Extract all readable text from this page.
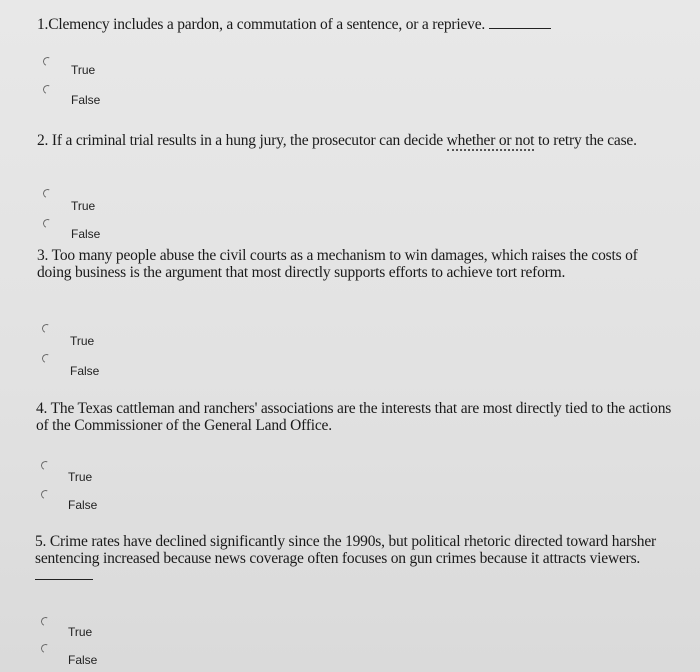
1.Clemency includes a pardon, a commutation of a sentence, or a reprieve.
True
False
2. If a criminal trial results in a hung jury, the prosecutor can decide whether or not to retry the case.
True
False
3. Too many people abuse the civil courts as a mechanism to win damages, which raises the costs of doing business is the argument that most directly supports efforts to achieve tort reform.
True
False
4. The Texas cattleman and ranchers' associations are the interests that are most directly tied to the actions of the Commissioner of the General Land Office.
True
False
5. Crime rates have declined significantly since the 1990s, but political rhetoric directed toward harsher sentencing increased because news coverage often focuses on gun crimes because it attracts viewers.
True
False
